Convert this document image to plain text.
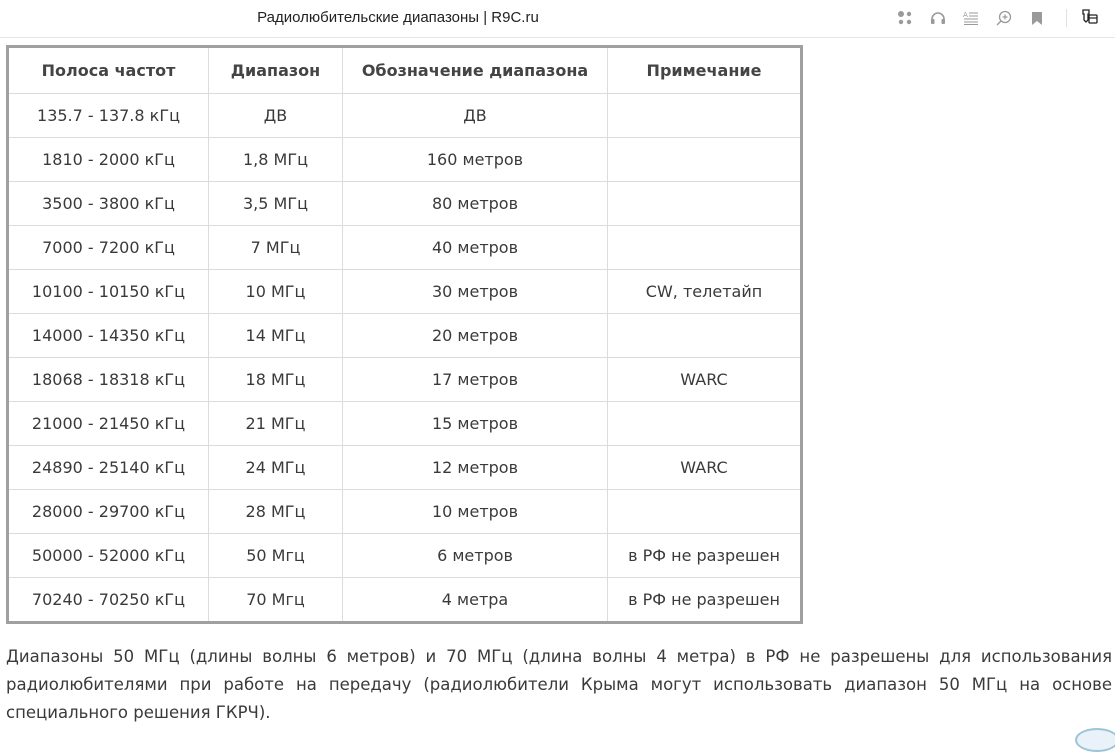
Радиолюбительские диапазоны | R9C.ru	A
Полоса частот	Диапазон	Обозначение диапазона	Примечание
135.7 - 137.8 кГц	ДВ	ДВ	
1810 - 2000 кГц	1,8 МГц	160 метров	
3500 - 3800 кГц	3,5 МГц	80 метров	
7000 - 7200 кГц	7 МГц	40 метров	
10100 - 10150 кГц	10 МГц	30 метров	CW, телетайп
14000 - 14350 кГц	14 МГц	20 метров	
18068 - 18318 кГц	18 МГц	17 метров	WARC
21000 - 21450 кГц	21 МГц	15 метров	
24890 - 25140 кГц	24 МГц	12 метров	WARC
28000 - 29700 кГц	28 МГц	10 метров	
50000 - 52000 кГц	50 Мгц	6 метров	в РФ не разрешен
70240 - 70250 кГц	70 Мгц	4 метра	в РФ не разрешен
Диапазоны 50 МГц (длины волны 6 метров) и 70 МГц (длина волны 4 метра) в РФ не разрешены для использования радиолюбителями при работе на передачу (радиолюбители Крыма могут использовать диапазон 50 МГц на основе специального решения ГКРЧ).
